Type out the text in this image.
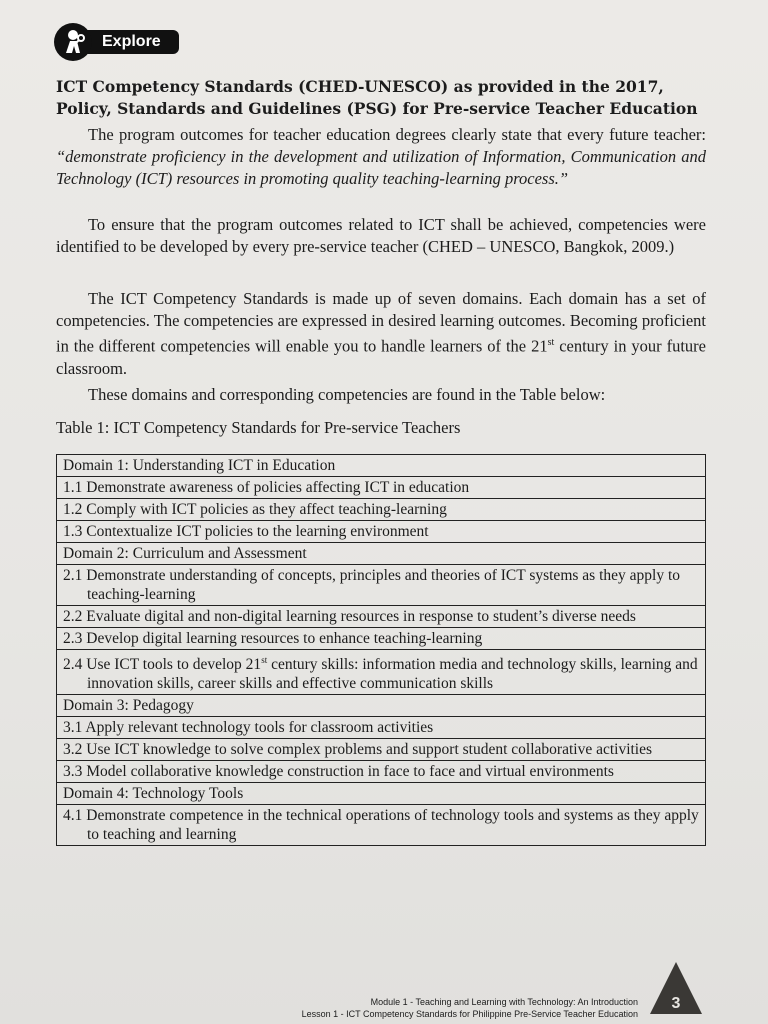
Explore
ICT Competency Standards (CHED-UNESCO) as provided in the 2017, Policy, Standards and Guidelines (PSG) for Pre-service Teacher Education

The program outcomes for teacher education degrees clearly state that every future teacher: “demonstrate proficiency in the development and utilization of Information, Communication and Technology (ICT) resources in promoting quality teaching-learning process.”

To ensure that the program outcomes related to ICT shall be achieved, competencies were identified to be developed by every pre-service teacher (CHED – UNESCO, Bangkok, 2009.)

The ICT Competency Standards is made up of seven domains. Each domain has a set of competencies. The competencies are expressed in desired learning outcomes. Becoming proficient in the different competencies will enable you to handle learners of the 21st century in your future classroom.

These domains and corresponding competencies are found in the Table below:

Table 1: ICT Competency Standards for Pre-service Teachers

Domain 1: Understanding ICT in Education

1.1 Demonstrate awareness of policies affecting ICT in education

1.2 Comply with ICT policies as they affect teaching-learning

1.3 Contextualize ICT policies to the learning environment

Domain 2: Curriculum and Assessment

2.1 Demonstrate understanding of concepts, principles and theories of ICT systems as they apply to teaching-learning

2.2 Evaluate digital and non-digital learning resources in response to student’s diverse needs

2.3 Develop digital learning resources to enhance teaching-learning

2.4 Use ICT tools to develop 21st century skills: information media and technology skills, learning and innovation skills, career skills and effective communication skills

Domain 3: Pedagogy

3.1 Apply relevant technology tools for classroom activities

3.2 Use ICT knowledge to solve complex problems and support student collaborative activities

3.3 Model collaborative knowledge construction in face to face and virtual environments

Domain 4: Technology Tools

4.1 Demonstrate competence in the technical operations of technology tools and systems as they apply to teaching and learning
Module 1 - Teaching and Learning with Technology: An Introduction
Lesson 1 - ICT Competency Standards for Philippine Pre-Service Teacher Education
3
